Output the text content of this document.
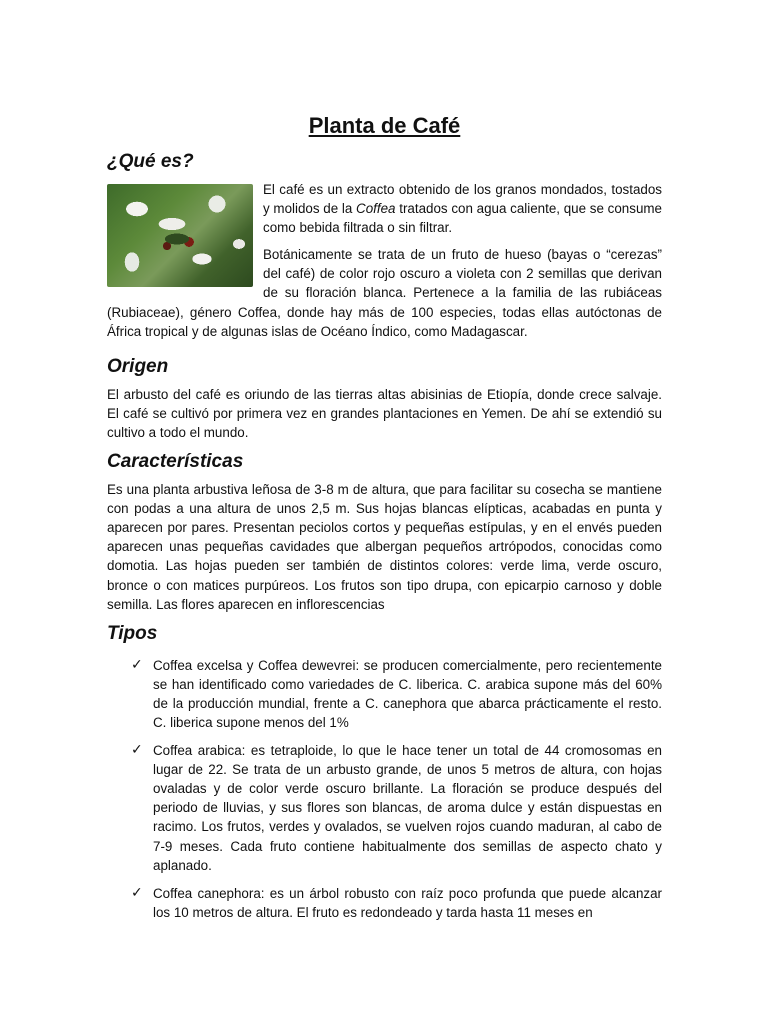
Planta de Café
¿Qué es?

El café es un extracto obtenido de los granos mondados, tostados y molidos de la Coffea tratados con agua caliente, que se consume como bebida filtrada o sin filtrar.

Botánicamente se trata de un fruto de hueso (bayas o “cerezas” del café) de color rojo oscuro a violeta con 2 semillas que derivan de su floración blanca. Pertenece a la familia de las rubiáceas (Rubiaceae), género Coffea, donde hay más de 100 especies, todas ellas autóctonas de África tropical y de algunas islas de Océano Índico, como Madagascar.

Origen

El arbusto del café es oriundo de las tierras altas abisinias de Etiopía, donde crece salvaje. El café se cultivó por primera vez en grandes plantaciones en Yemen. De ahí se extendió su cultivo a todo el mundo.

Características

Es una planta arbustiva leñosa de 3-8 m de altura, que para facilitar su cosecha se mantiene con podas a una altura de unos 2,5 m. Sus hojas blancas elípticas, acabadas en punta y aparecen por pares. Presentan peciolos cortos y pequeñas estípulas, y en el envés pueden aparecen unas pequeñas cavidades que albergan pequeños artrópodos, conocidas como domotia. Las hojas pueden ser también de distintos colores: verde lima, verde oscuro, bronce o con matices purpúreos. Los frutos son tipo drupa, con epicarpio carnoso y doble semilla. Las flores aparecen en inflorescencias

Tipos
✓ Coffea excelsa y Coffea dewevrei: se producen comercialmente, pero recientemente se han identificado como variedades de C. liberica. C. arabica supone más del 60% de la producción mundial, frente a C. canephora que abarca prácticamente el resto. C. liberica supone menos del 1%
✓ Coffea arabica: es tetraploide, lo que le hace tener un total de 44 cromosomas en lugar de 22. Se trata de un arbusto grande, de unos 5 metros de altura, con hojas ovaladas y de color verde oscuro brillante. La floración se produce después del periodo de lluvias, y sus flores son blancas, de aroma dulce y están dispuestas en racimo. Los frutos, verdes y ovalados, se vuelven rojos cuando maduran, al cabo de 7-9 meses. Cada fruto contiene habitualmente dos semillas de aspecto chato y aplanado.
✓ Coffea canephora: es un árbol robusto con raíz poco profunda que puede alcanzar los 10 metros de altura. El fruto es redondeado y tarda hasta 11 meses en
